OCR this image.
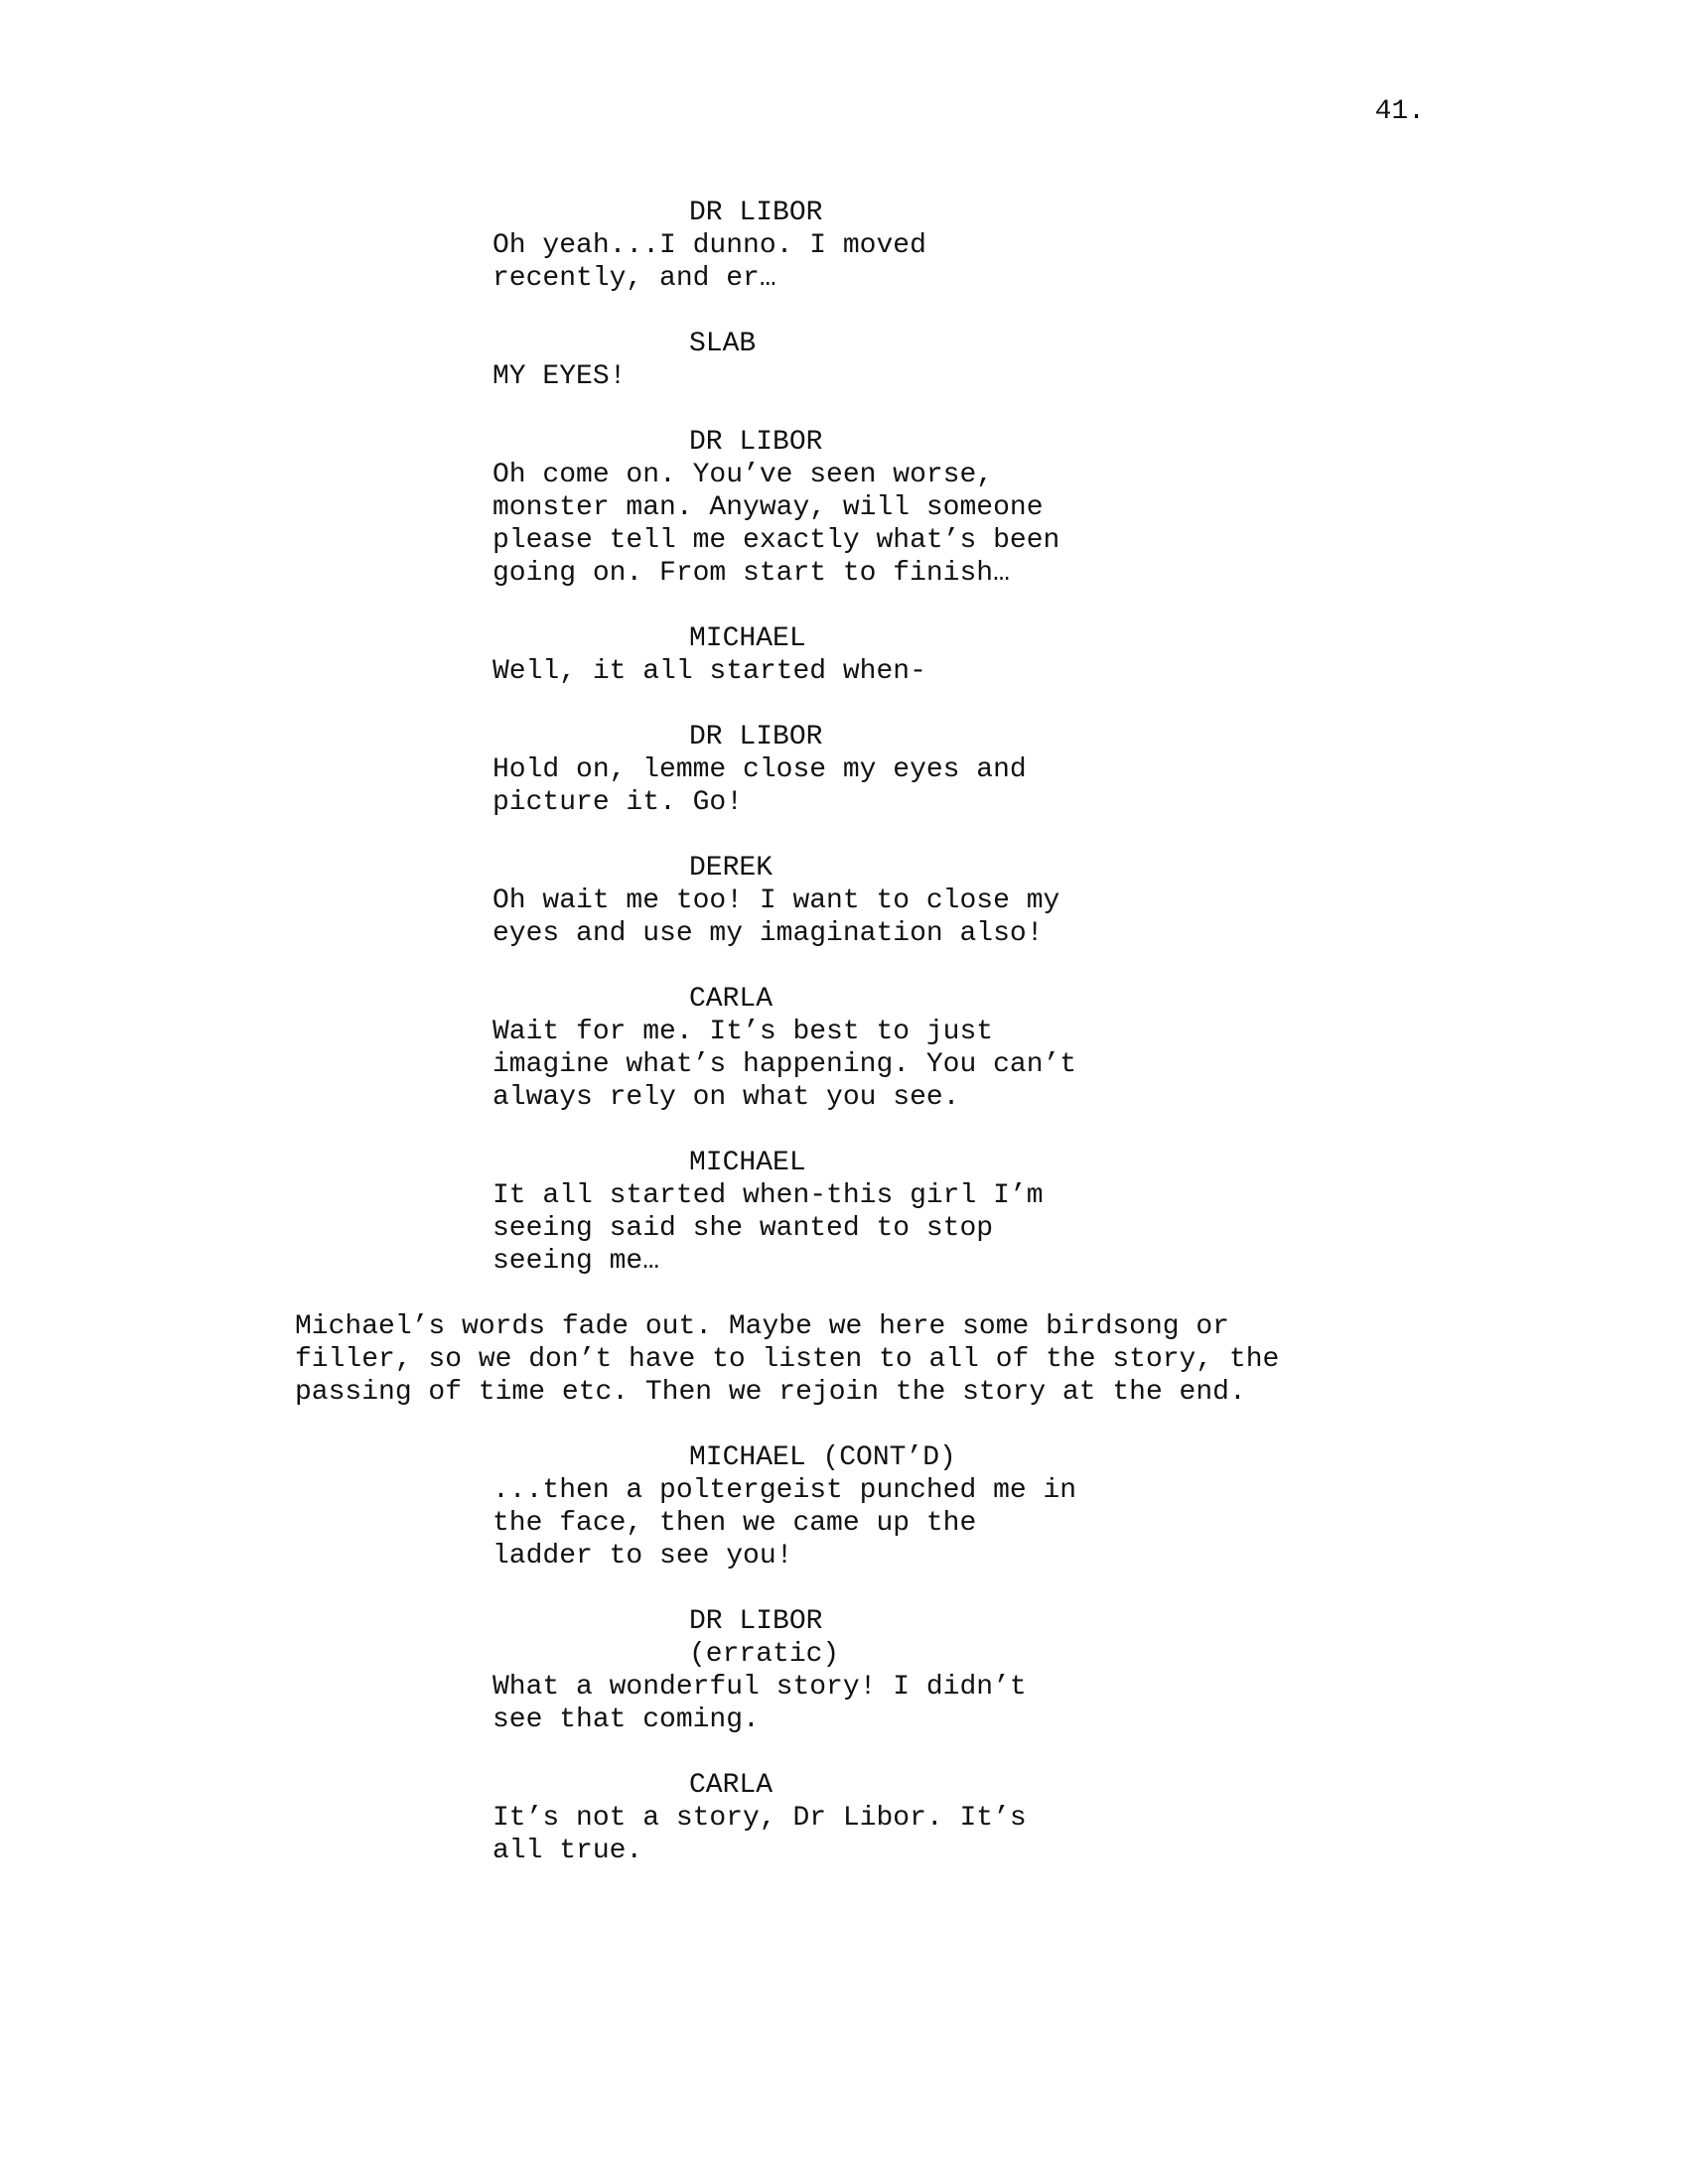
41.
DR LIBOR
Oh yeah...I dunno. I moved
recently, and er…
SLAB
MY EYES!
DR LIBOR
Oh come on. You’ve seen worse,
monster man. Anyway, will someone
please tell me exactly what’s been
going on. From start to finish…
MICHAEL
Well, it all started when-
DR LIBOR
Hold on, lemme close my eyes and
picture it. Go!
DEREK
Oh wait me too! I want to close my
eyes and use my imagination also!
CARLA
Wait for me. It’s best to just
imagine what’s happening. You can’t
always rely on what you see.
MICHAEL
It all started when-this girl I’m
seeing said she wanted to stop
seeing me…
Michael’s words fade out. Maybe we here some birdsong or
filler, so we don’t have to listen to all of the story, the
passing of time etc. Then we rejoin the story at the end.
MICHAEL (CONT’D)
...then a poltergeist punched me in
the face, then we came up the
ladder to see you!
DR LIBOR
(erratic)
What a wonderful story! I didn’t
see that coming.
CARLA
It’s not a story, Dr Libor. It’s
all true.
